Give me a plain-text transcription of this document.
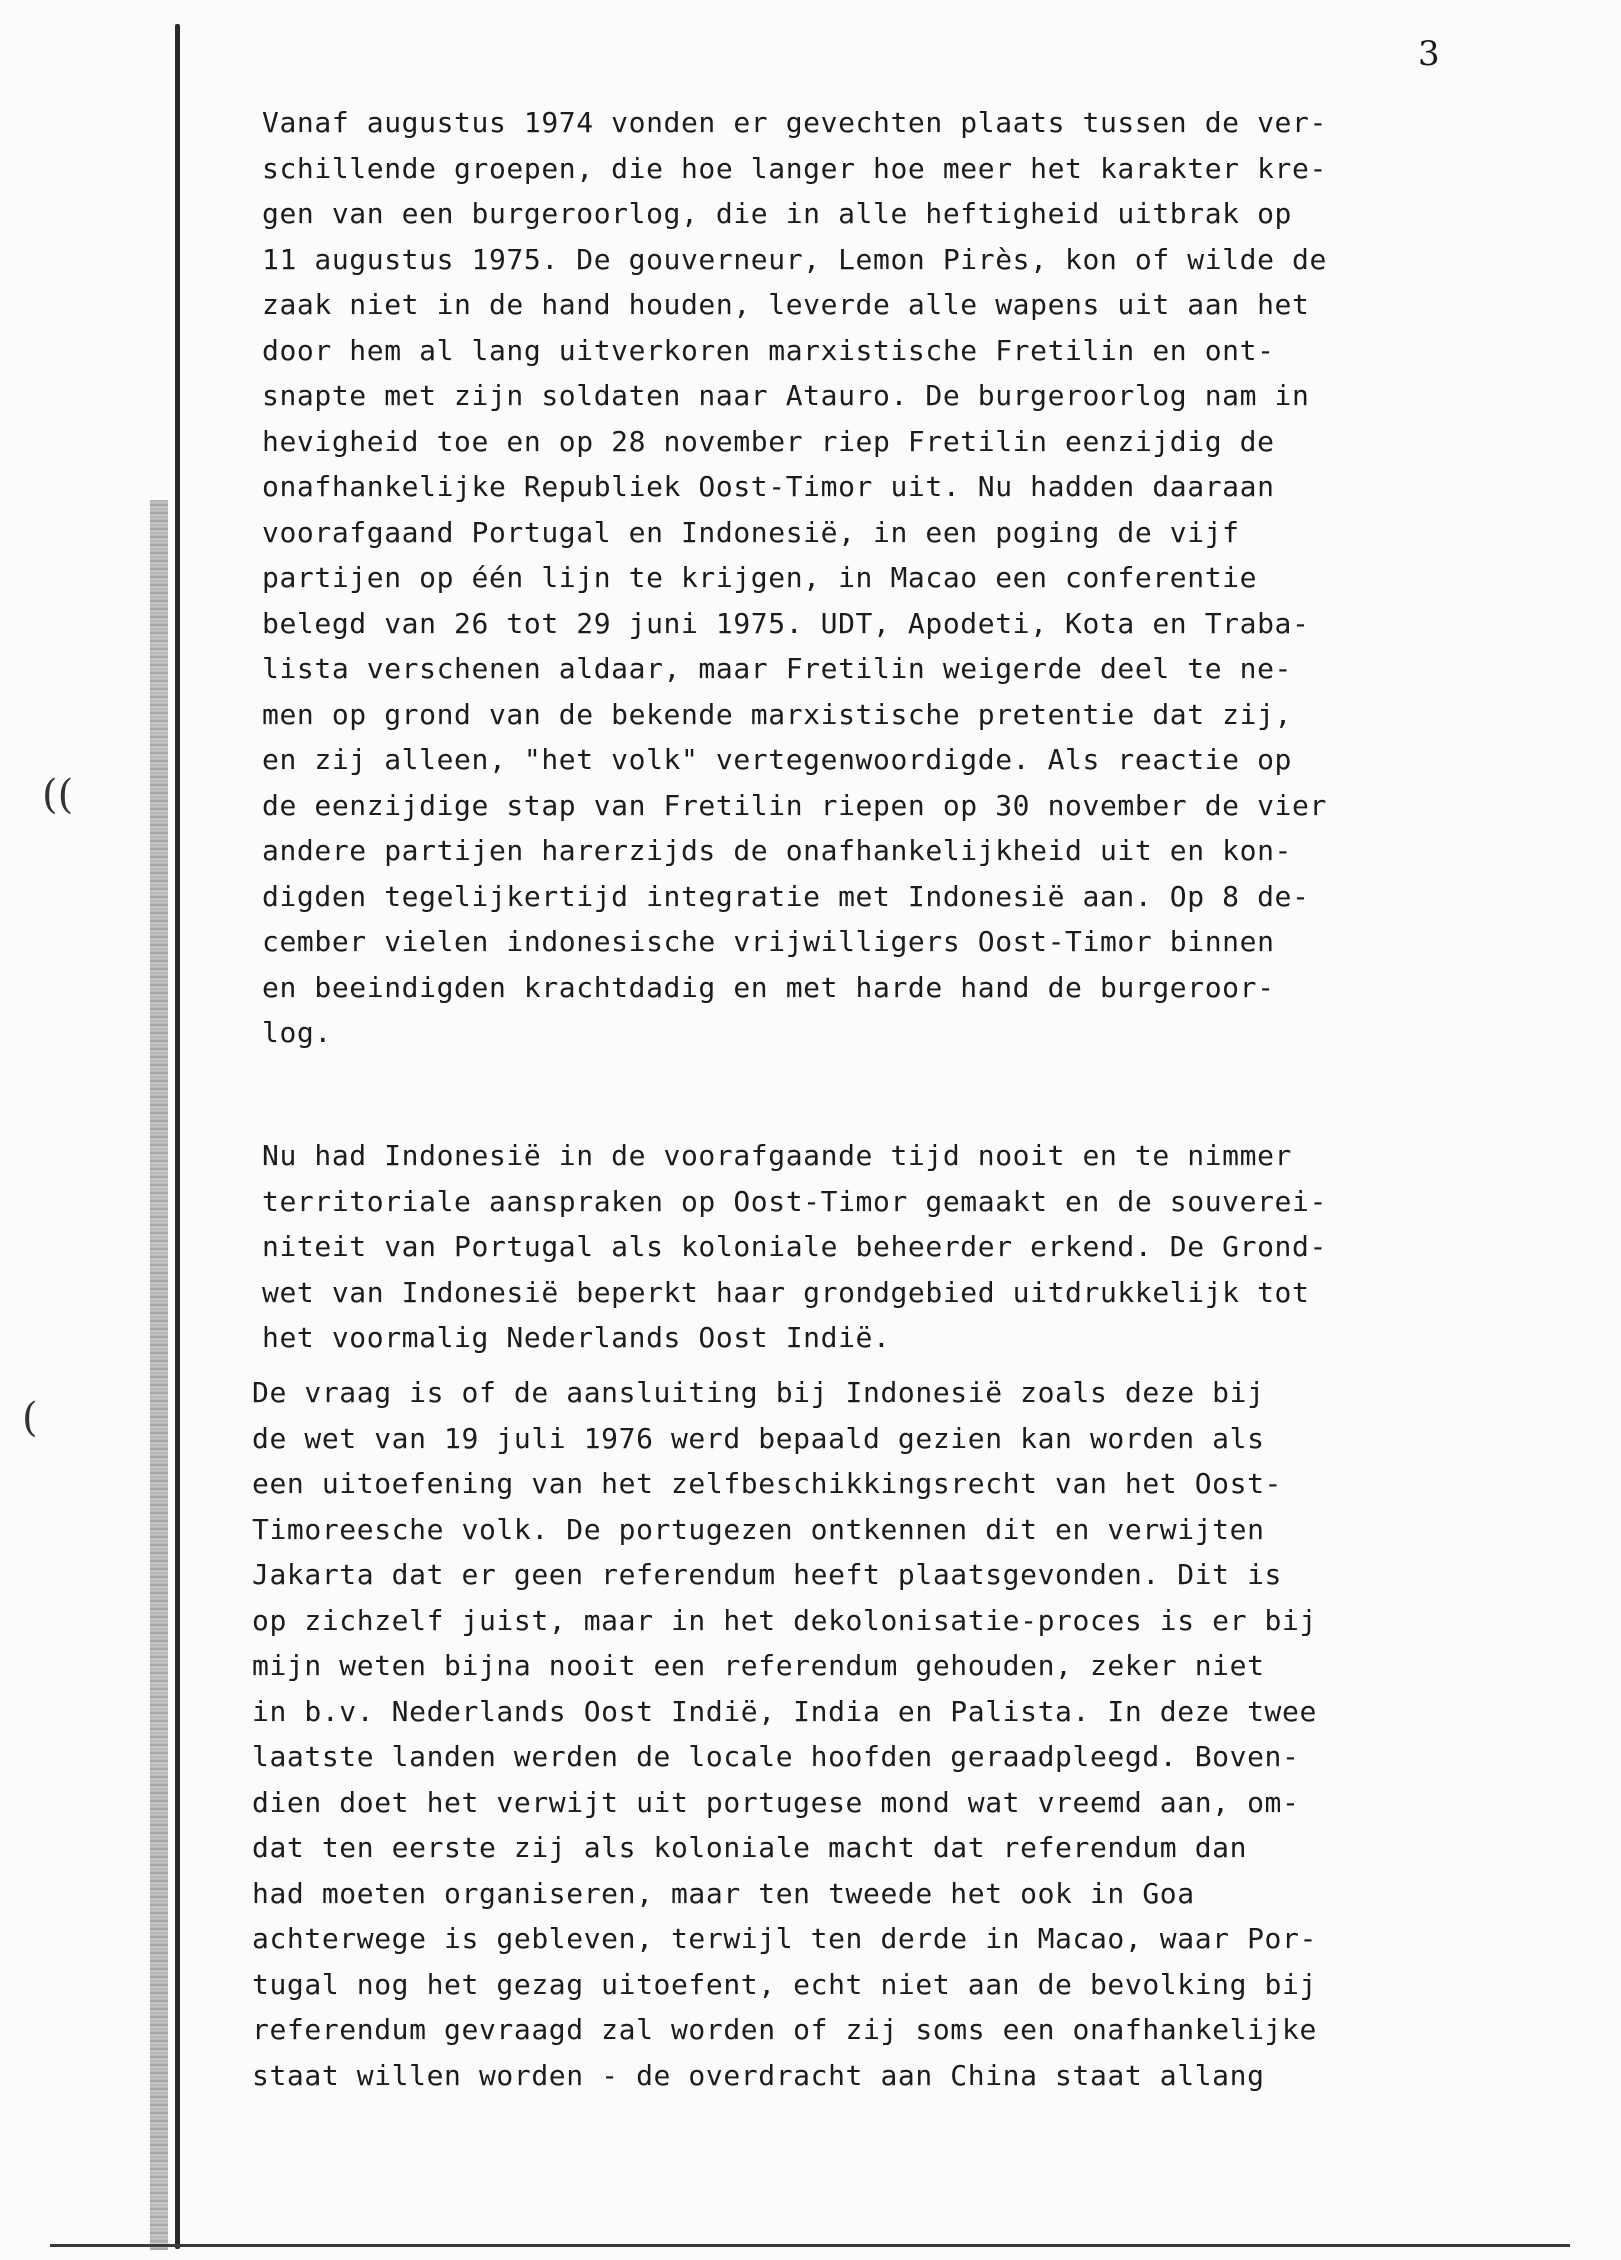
3
((
(
Vanaf augustus 1974 vonden er gevechten plaats tussen de ver-
schillende groepen, die hoe langer hoe meer het karakter kre-
gen van een burgeroorlog, die in alle heftigheid uitbrak op
11 augustus 1975. De gouverneur, Lemon Pirès, kon of wilde de
zaak niet in de hand houden, leverde alle wapens uit aan het
door hem al lang uitverkoren marxistische Fretilin en ont-
snapte met zijn soldaten naar Atauro. De burgeroorlog nam in
hevigheid toe en op 28 november riep Fretilin eenzijdig de
onafhankelijke Republiek Oost-Timor uit. Nu hadden daaraan
voorafgaand Portugal en Indonesië, in een poging de vijf
partijen op één lijn te krijgen, in Macao een conferentie
belegd van 26 tot 29 juni 1975. UDT, Apodeti, Kota en Traba-
lista verschenen aldaar, maar Fretilin weigerde deel te ne-
men op grond van de bekende marxistische pretentie dat zij,
en zij alleen, "het volk" vertegenwoordigde. Als reactie op
de eenzijdige stap van Fretilin riepen op 30 november de vier
andere partijen harerzijds de onafhankelijkheid uit en kon-
digden tegelijkertijd integratie met Indonesië aan. Op 8 de-
cember vielen indonesische vrijwilligers Oost-Timor binnen
en beeindigden krachtdadig en met harde hand de burgeroor-
log.
Nu had Indonesië in de voorafgaande tijd nooit en te nimmer
territoriale aanspraken op Oost-Timor gemaakt en de souverei-
niteit van Portugal als koloniale beheerder erkend. De Grond-
wet van Indonesië beperkt haar grondgebied uitdrukkelijk tot
het voormalig Nederlands Oost Indië.
De vraag is of de aansluiting bij Indonesië zoals deze bij
de wet van 19 juli 1976 werd bepaald gezien kan worden als
een uitoefening van het zelfbeschikkingsrecht van het Oost-
Timoreesche volk. De portugezen ontkennen dit en verwijten
Jakarta dat er geen referendum heeft plaatsgevonden. Dit is
op zichzelf juist, maar in het dekolonisatie-proces is er bij
mijn weten bijna nooit een referendum gehouden, zeker niet
in b.v. Nederlands Oost Indië, India en Palista. In deze twee
laatste landen werden de locale hoofden geraadpleegd. Boven-
dien doet het verwijt uit portugese mond wat vreemd aan, om-
dat ten eerste zij als koloniale macht dat referendum dan
had moeten organiseren, maar ten tweede het ook in Goa
achterwege is gebleven, terwijl ten derde in Macao, waar Por-
tugal nog het gezag uitoefent, echt niet aan de bevolking bij
referendum gevraagd zal worden of zij soms een onafhankelijke
staat willen worden - de overdracht aan China staat allang
